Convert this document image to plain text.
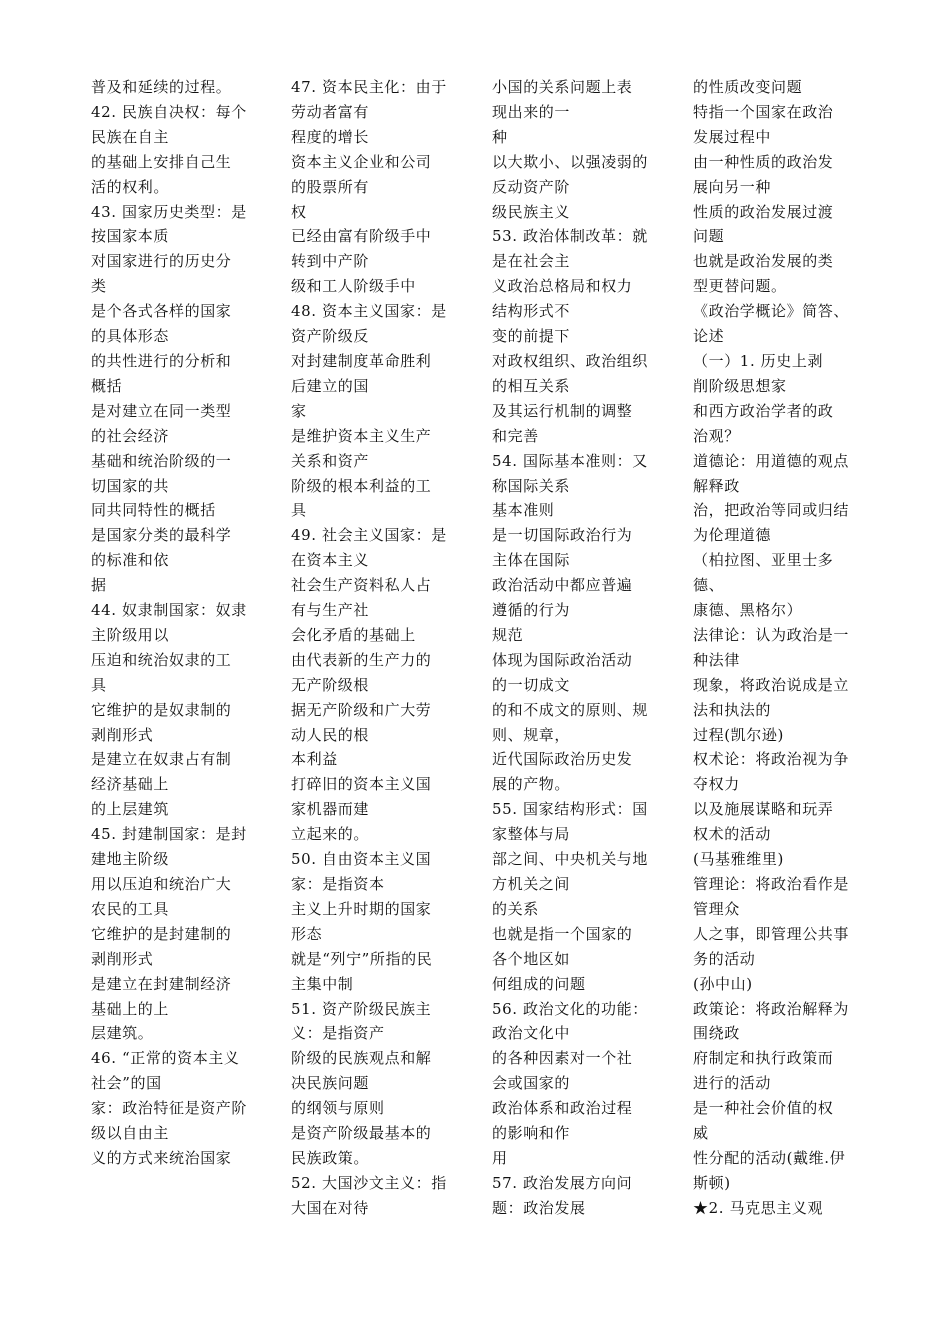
普及和延续的过程。
42. 民族自决权：每个
民族在自主
的基础上安排自己生
活的权利。
43. 国家历史类型：是
按国家本质
对国家进行的历史分
类
是个各式各样的国家
的具体形态
的共性进行的分析和
概括
是对建立在同一类型
的社会经济
基础和统治阶级的一
切国家的共
同共同特性的概括
是国家分类的最科学
的标准和依
据
44. 奴隶制国家：奴隶
主阶级用以
压迫和统治奴隶的工
具
它维护的是奴隶制的
剥削形式
是建立在奴隶占有制
经济基础上
的上层建筑
45. 封建制国家：是封
建地主阶级
用以压迫和统治广大
农民的工具
它维护的是封建制的
剥削形式
是建立在封建制经济
基础上的上
层建筑。
46. “正常的资本主义
社会”的国
家：政治特征是资产阶
级以自由主
义的方式来统治国家
47. 资本民主化：由于
劳动者富有
程度的增长
资本主义企业和公司
的股票所有
权
已经由富有阶级手中
转到中产阶
级和工人阶级手中
48. 资本主义国家：是
资产阶级反
对封建制度革命胜利
后建立的国
家
是维护资本主义生产
关系和资产
阶级的根本利益的工
具
49. 社会主义国家：是
在资本主义
社会生产资料私人占
有与生产社
会化矛盾的基础上
由代表新的生产力的
无产阶级根
据无产阶级和广大劳
动人民的根
本利益
打碎旧的资本主义国
家机器而建
立起来的。
50. 自由资本主义国
家：是指资本
主义上升时期的国家
形态
就是“列宁”所指的民
主集中制
51. 资产阶级民族主
义：是指资产
阶级的民族观点和解
决民族问题
的纲领与原则
是资产阶级最基本的
民族政策。
52. 大国沙文主义：指
大国在对待
小国的关系问题上表
现出来的一
种
以大欺小、以强凌弱的
反动资产阶
级民族主义
53. 政治体制改革：就
是在社会主
义政治总格局和权力
结构形式不
变的前提下
对政权组织、政治组织
的相互关系
及其运行机制的调整
和完善
54. 国际基本准则：又
称国际关系
基本准则
是一切国际政治行为
主体在国际
政治活动中都应普遍
遵循的行为
规范
体现为国际政治活动
的一切成文
的和不成文的原则、规
则、规章，
近代国际政治历史发
展的产物。
55. 国家结构形式：国
家整体与局
部之间、中央机关与地
方机关之间
的关系
也就是指一个国家的
各个地区如
何组成的问题
56. 政治文化的功能：
政治文化中
的各种因素对一个社
会或国家的
政治体系和政治过程
的影响和作
用
57. 政治发展方向问
题：政治发展
的性质改变问题
特指一个国家在政治
发展过程中
由一种性质的政治发
展向另一种
性质的政治发展过渡
问题
也就是政治发展的类
型更替问题。
《政治学概论》简答、
论述
（一）1. 历史上剥
削阶级思想家
和西方政治学者的政
治观？
道德论：用道德的观点
解释政
治，把政治等同或归结
为伦理道德
（柏拉图、亚里士多
德、
康德、黑格尔）
法律论：认为政治是一
种法律
现象，将政治说成是立
法和执法的
过程(凯尔逊)
权术论：将政治视为争
夺权力
以及施展谋略和玩弄
权术的活动
(马基雅维里)
管理论：将政治看作是
管理众
人之事，即管理公共事
务的活动
(孙中山)
政策论：将政治解释为
围绕政
府制定和执行政策而
进行的活动
是一种社会价值的权
威
性分配的活动(戴维.伊
斯顿)
★2. 马克思主义观
